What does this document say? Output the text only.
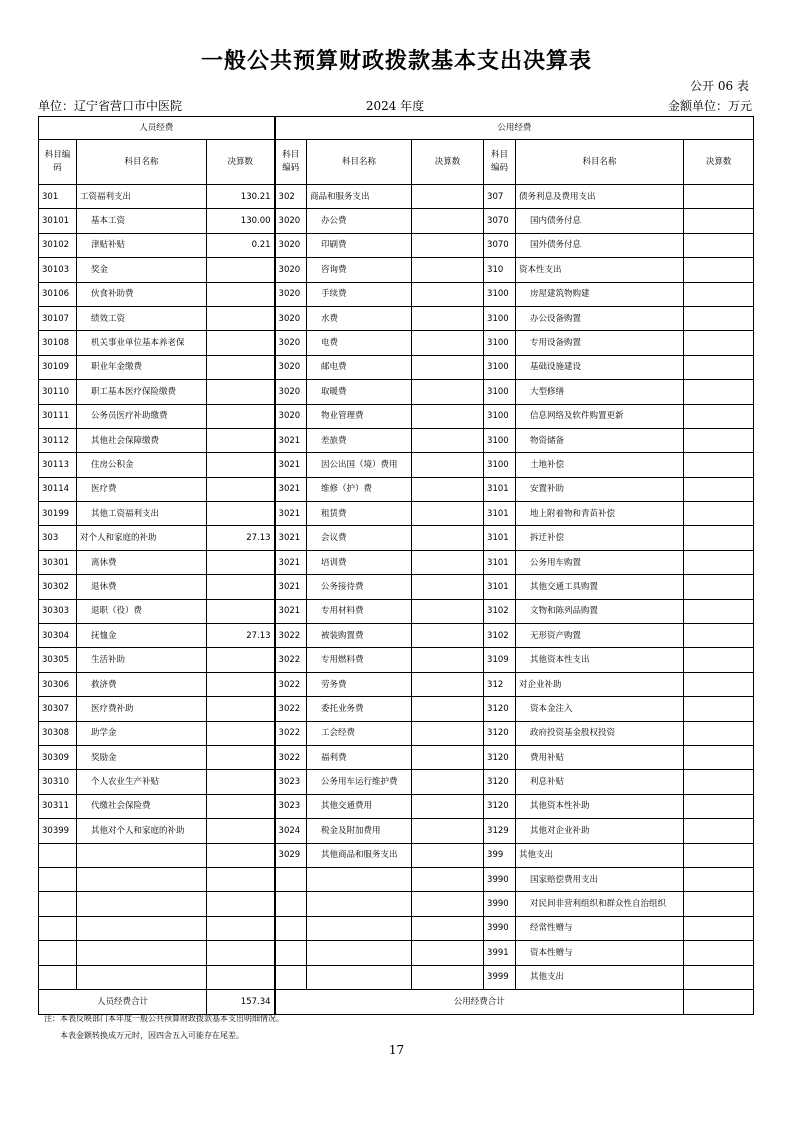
一般公共预算财政拨款基本支出决算表
公开 06 表
单位：辽宁省营口市中医院	2024 年度	金额单位：万元
人员经费			公用经费					
科目编码	科目名称	决算数	科目编码	科目名称	决算数	科目编码	科目名称	决算数
301	工资福利支出	130.21	302	商品和服务支出		307	债务利息及费用支出	
30101	基本工资	130.00	3020	办公费		3070	国内债务付息	
30102	津贴补贴	0.21	3020	印刷费		3070	国外债务付息	
30103	奖金		3020	咨询费		310	资本性支出	
30106	伙食补助费		3020	手续费		3100	房屋建筑物购建	
30107	绩效工资		3020	水费		3100	办公设备购置	
30108	机关事业单位基本养老保		3020	电费		3100	专用设备购置	
30109	职业年金缴费		3020	邮电费		3100	基础设施建设	
30110	职工基本医疗保险缴费		3020	取暖费		3100	大型修缮	
30111	公务员医疗补助缴费		3020	物业管理费		3100	信息网络及软件购置更新	
30112	其他社会保障缴费		3021	差旅费		3100	物资储备	
30113	住房公积金		3021	因公出国（境）费用		3100	土地补偿	
30114	医疗费		3021	维修（护）费		3101	安置补助	
30199	其他工资福利支出		3021	租赁费		3101	地上附着物和青苗补偿	
303	对个人和家庭的补助	27.13	3021	会议费		3101	拆迁补偿	
30301	离休费		3021	培训费		3101	公务用车购置	
30302	退休费		3021	公务接待费		3101	其他交通工具购置	
30303	退职（役）费		3021	专用材料费		3102	文物和陈列品购置	
30304	抚恤金	27.13	3022	被装购置费		3102	无形资产购置	
30305	生活补助		3022	专用燃料费		3109	其他资本性支出	
30306	救济费		3022	劳务费		312	对企业补助	
30307	医疗费补助		3022	委托业务费		3120	资本金注入	
30308	助学金		3022	工会经费		3120	政府投资基金股权投资	
30309	奖励金		3022	福利费		3120	费用补贴	
30310	个人农业生产补贴		3023	公务用车运行维护费		3120	利息补贴	
30311	代缴社会保险费		3023	其他交通费用		3120	其他资本性补助	
30399	其他对个人和家庭的补助		3024	税金及附加费用		3129	其他对企业补助	
			3029	其他商品和服务支出		399	其他支出	
						3990	国家赔偿费用支出	
						3990	对民间非营利组织和群众性自治组织	
						3990	经常性赠与	
						3991	资本性赠与	
						3999	其他支出	
人员经费合计		157.34	公用经费合计					
注：本表反映部门本年度一般公共预算财政拨款基本支出明细情况。
本表金额转换成万元时，因四舍五入可能存在尾差。
17
